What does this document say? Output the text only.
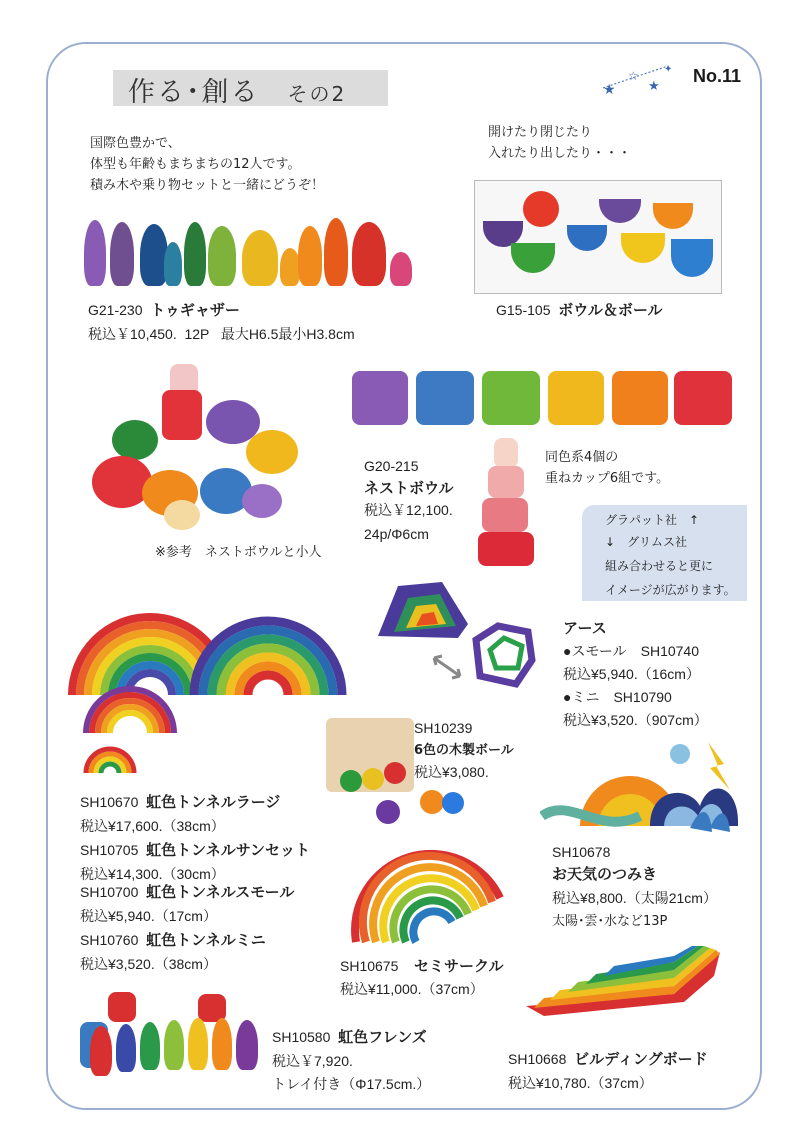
作る･創る その2	★
☆
★
✦ No.11
国際色豊かで、
体型も年齢もまちまちの12人です。
積み木や乗り物セットと一緒にどうぞ！
開けたり閉じたり
入れたり出したり・・・
G21-230 トゥギャザー
税込￥10,450.  12P   最大H6.5最小H3.8cm
G15-105 ボウル＆ボール
※参考　ネストボウルと小人
G20-215
ネストボウル
税込￥12,100.
24p/Φ6cm
同色系4個の
重ねカップ6組です。
グラパット社　↑
↓　グリムス社
組み合わせると更に
イメージが広がります。
アース
●スモール　SH10740
税込¥5,940.（16cm）
●ミニ　SH10790
税込¥3,520.（907cm）
SH10239
6色の木製ボール
税込¥3,080.
SH10678
お天気のつみき
税込¥8,800.（太陽21cm）
太陽･雲･水など13P
SH10670 虹色トンネルラージ
税込¥17,600.（38cm）
SH10705 虹色トンネルサンセット
税込¥14,300.（30cm）
SH10700 虹色トンネルスモール
税込¥5,940.（17cm）
SH10760 虹色トンネルミニ
税込¥3,520.（38cm）	SH10675 セミサークル
税込¥11,000.（37cm）
SH10668 ビルディングボード
税込¥10,780.（37cm）
SH10580 虹色フレンズ
税込￥7,920.
トレイ付き（Φ17.5cm.）
